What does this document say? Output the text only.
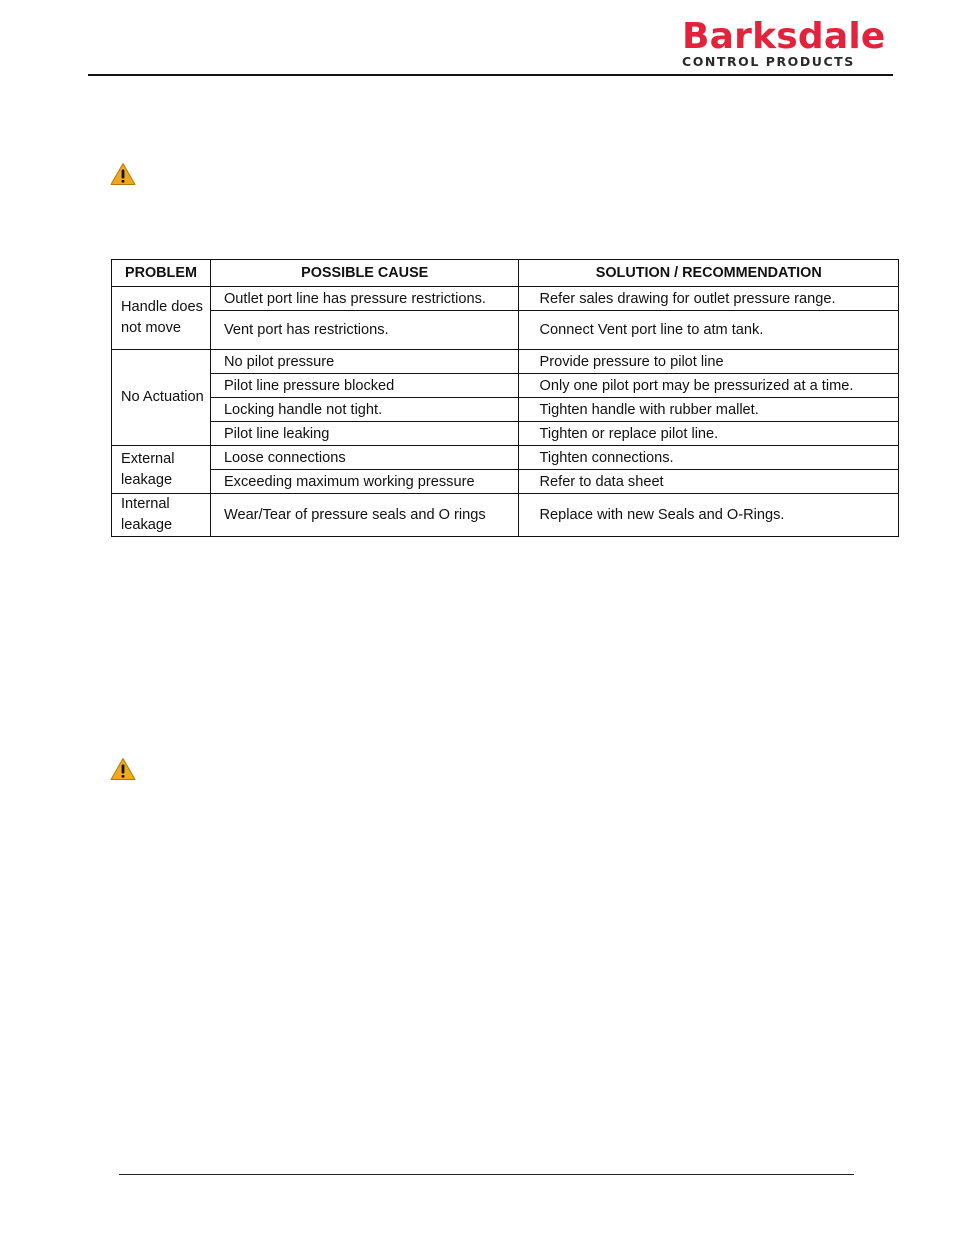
Barksdale
CONTROL PRODUCTS
PROBLEM	POSSIBLE CAUSE	SOLUTION / RECOMMENDATION
Handle does not move	Outlet port line has pressure restrictions.	Refer sales drawing for outlet pressure range.
	Vent port has restrictions.	Connect Vent port line to atm tank.
No Actuation	No pilot pressure	Provide pressure to pilot line
	Pilot line pressure blocked	Only one pilot port may be pressurized at a time.
	Locking handle not tight.	Tighten handle with rubber mallet.
	Pilot line leaking	Tighten or replace pilot line.
External leakage	Loose connections	Tighten connections.
	Exceeding maximum working pressure	Refer to data sheet
Internal leakage	Wear/Tear of pressure seals and O rings	Replace with new Seals and O-Rings.
